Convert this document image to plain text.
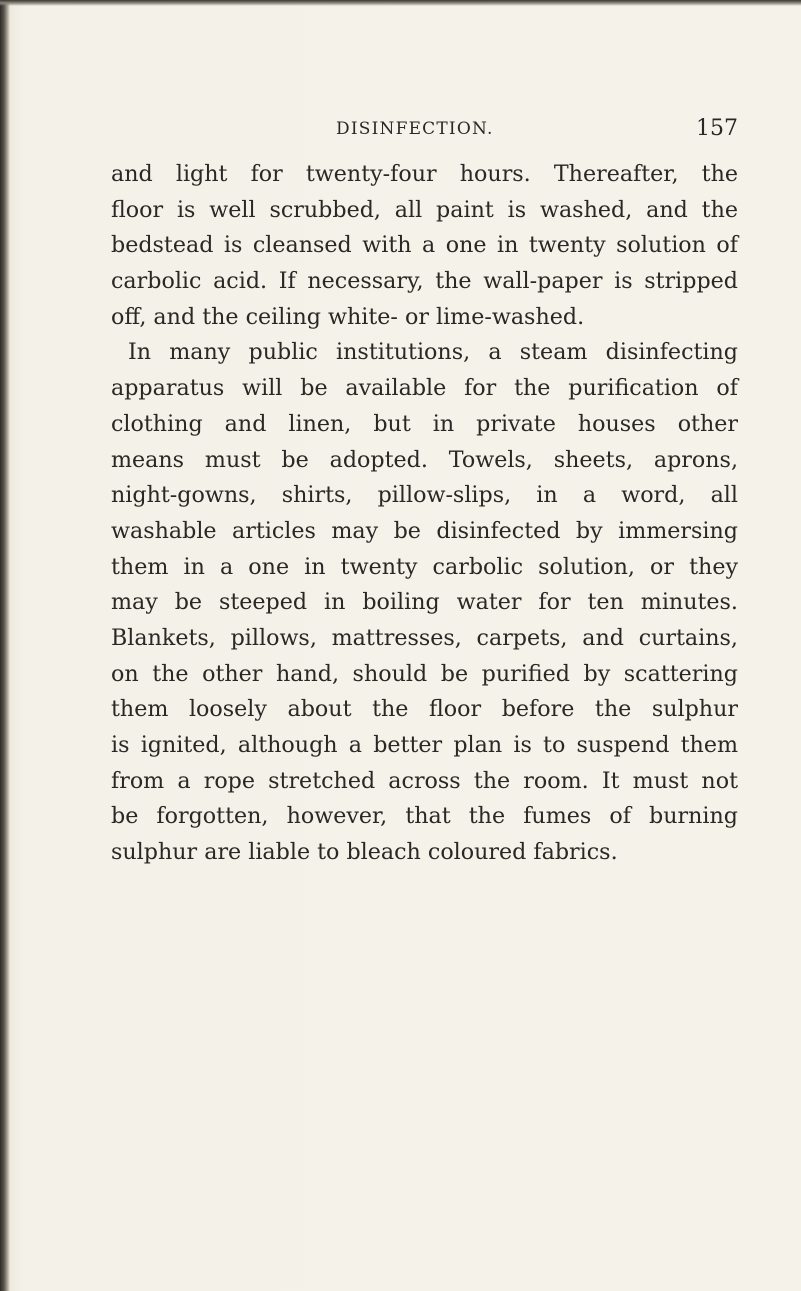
DISINFECTION.	157
and light for twenty-four hours. Thereafter, the
floor is well scrubbed, all paint is washed, and the
bedstead is cleansed with a one in twenty solution of
carbolic acid. If necessary, the wall-paper is stripped
off, and the ceiling white- or lime-washed.
In many public institutions, a steam disinfecting
apparatus will be available for the purification of
clothing and linen, but in private houses other
means must be adopted. Towels, sheets, aprons,
night-gowns, shirts, pillow-slips, in a word, all
washable articles may be disinfected by immersing
them in a one in twenty carbolic solution, or they
may be steeped in boiling water for ten minutes.
Blankets, pillows, mattresses, carpets, and curtains,
on the other hand, should be purified by scattering
them loosely about the floor before the sulphur
is ignited, although a better plan is to suspend them
from a rope stretched across the room. It must not
be forgotten, however, that the fumes of burning
sulphur are liable to bleach coloured fabrics.
